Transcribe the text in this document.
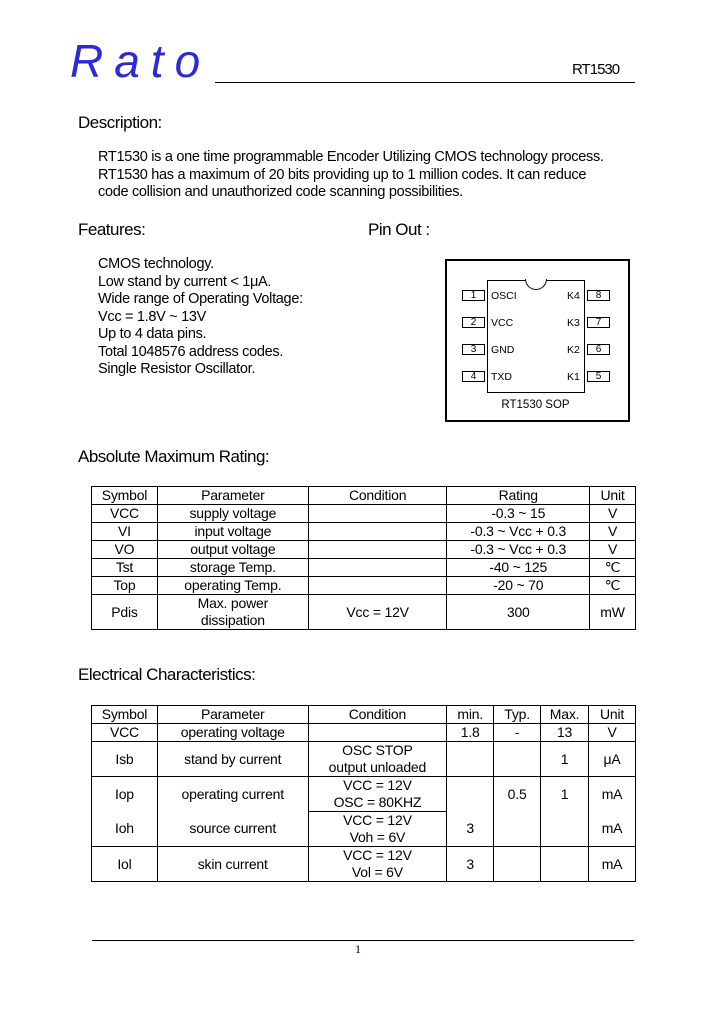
Rato	RT1530
Description:
RT1530 is a one time programmable Encoder Utilizing CMOS technology process.
RT1530 has a maximum of 20 bits providing up to 1 million codes. It can reduce
code collision and unauthorized code scanning possibilities.
Features:
CMOS technology.
Low stand by current < 1μA.
Wide range of Operating Voltage:
Vcc = 1.8V ~ 13V
Up to 4 data pins.
Total 1048576 address codes.
Single Resistor Oscillator.
Pin Out :
1
2
3
4
OSCI
VCC
GND
TXD
8
7
6
5
K4
K3
K2
K1
RT1530 SOP
Absolute Maximum Rating:
Symbol	Parameter	Condition	Rating	Unit
VCC	supply voltage		-0.3 ~ 15	V
VI	input voltage		-0.3 ~ Vcc + 0.3	V
VO	output voltage		-0.3 ~ Vcc + 0.3	V
Tst	storage Temp.		-40 ~ 125	℃
Top	operating Temp.		-20 ~ 70	℃
Pdis	Max. power dissipation	Vcc = 12V	300	mW
Electrical Characteristics:
Symbol	Parameter	Condition	min.	Typ.	Max.	Unit
VCC	operating voltage		1.8	-	13	V
Isb	stand by current	OSC STOP
output unloaded			1	μA
Iop	operating current	VCC = 12V
OSC = 80KHZ		0.5	1	mA
Ioh	source current	VCC = 12V
Voh = 6V	3			mA
Iol	skin current	VCC = 12V
Vol = 6V	3			mA
1
